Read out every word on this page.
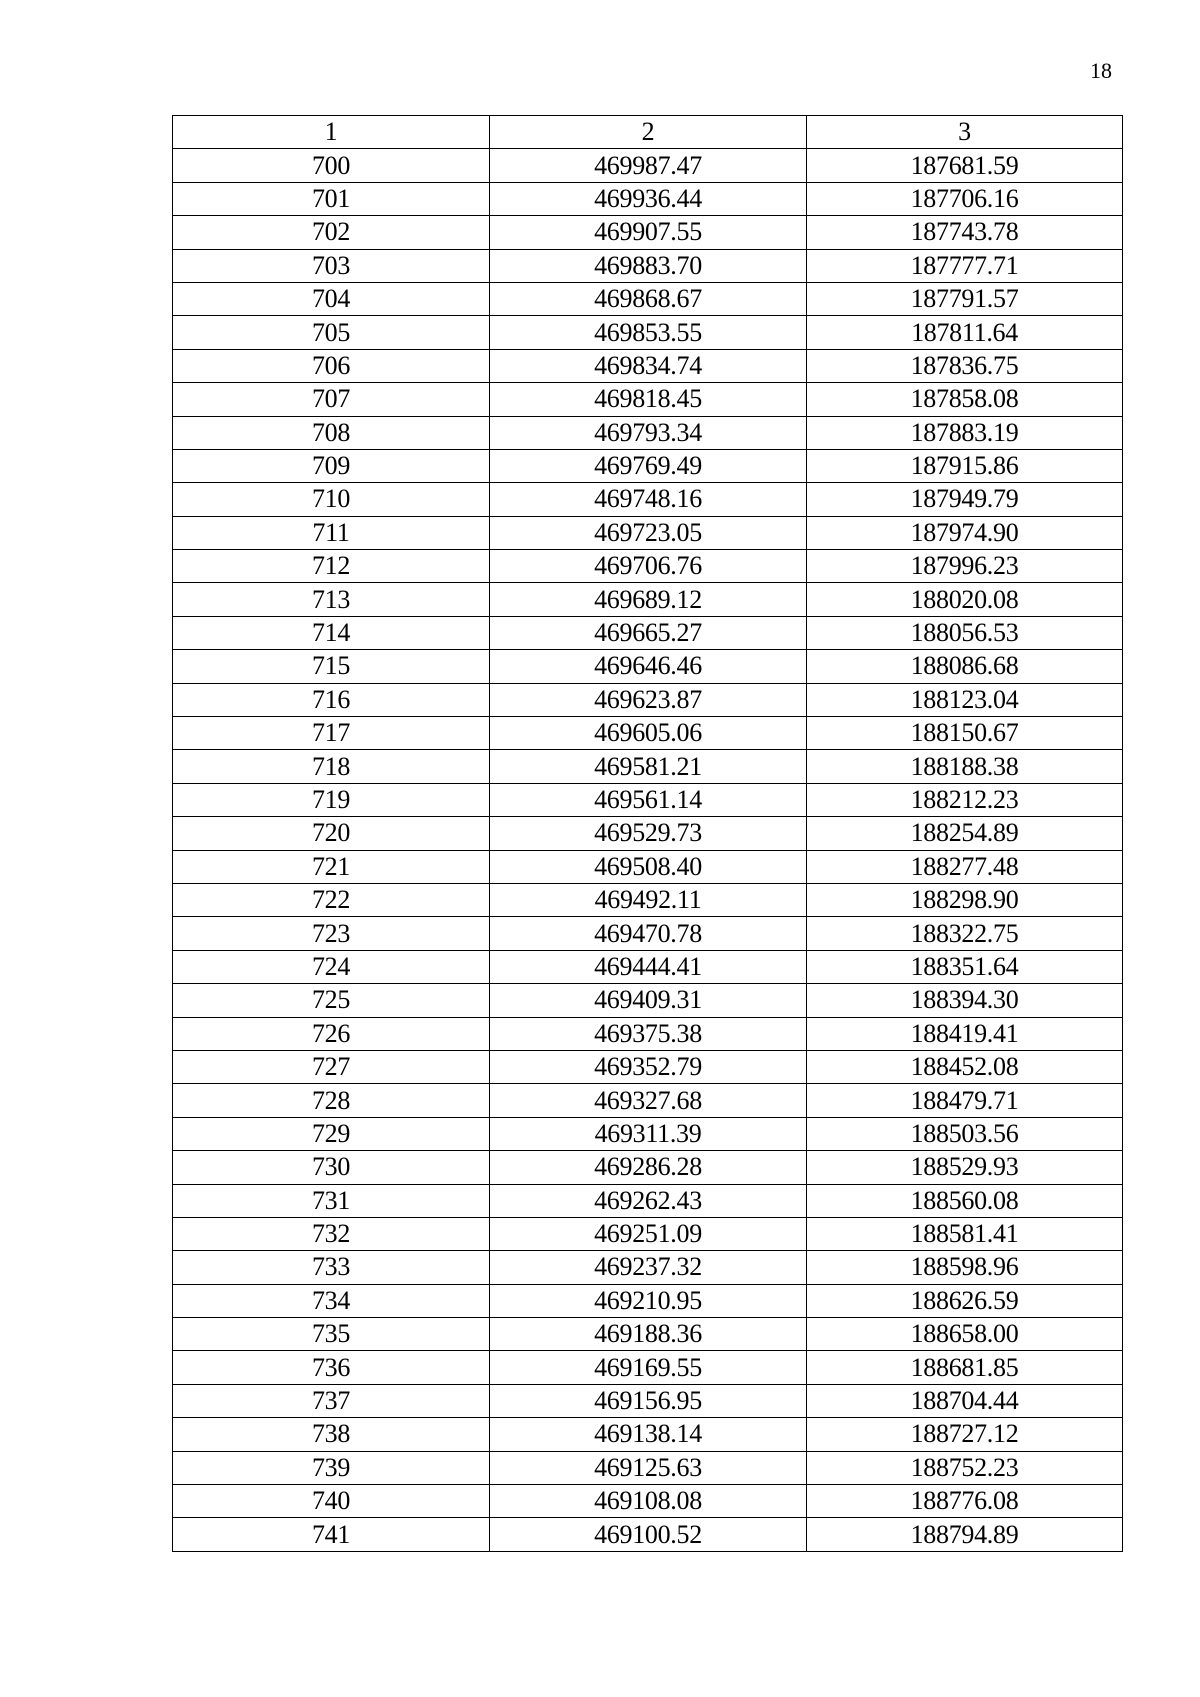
18
1	2	3
700	469987.47	187681.59
701	469936.44	187706.16
702	469907.55	187743.78
703	469883.70	187777.71
704	469868.67	187791.57
705	469853.55	187811.64
706	469834.74	187836.75
707	469818.45	187858.08
708	469793.34	187883.19
709	469769.49	187915.86
710	469748.16	187949.79
711	469723.05	187974.90
712	469706.76	187996.23
713	469689.12	188020.08
714	469665.27	188056.53
715	469646.46	188086.68
716	469623.87	188123.04
717	469605.06	188150.67
718	469581.21	188188.38
719	469561.14	188212.23
720	469529.73	188254.89
721	469508.40	188277.48
722	469492.11	188298.90
723	469470.78	188322.75
724	469444.41	188351.64
725	469409.31	188394.30
726	469375.38	188419.41
727	469352.79	188452.08
728	469327.68	188479.71
729	469311.39	188503.56
730	469286.28	188529.93
731	469262.43	188560.08
732	469251.09	188581.41
733	469237.32	188598.96
734	469210.95	188626.59
735	469188.36	188658.00
736	469169.55	188681.85
737	469156.95	188704.44
738	469138.14	188727.12
739	469125.63	188752.23
740	469108.08	188776.08
741	469100.52	188794.89
